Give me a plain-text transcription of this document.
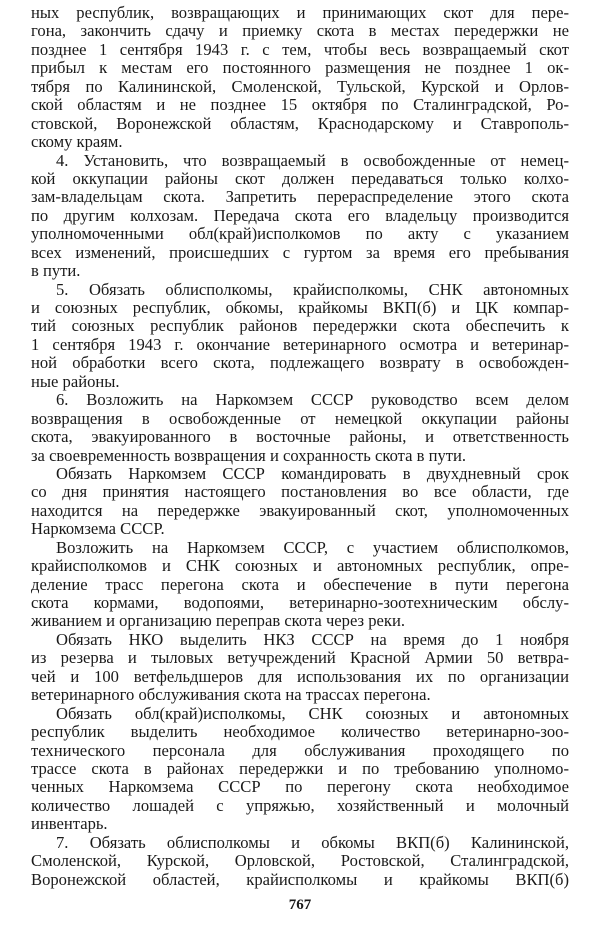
ных республик, возвращающих и принимающих скот для пере-
гона, закончить сдачу и приемку скота в местах передержки не
позднее 1 сентября 1943 г. с тем, чтобы весь возвращаемый скот
прибыл к местам его постоянного размещения не позднее 1 ок-
тября по Калининской, Смоленской, Тульской, Курской и Орлов-
ской областям и не позднее 15 октября по Сталинградской, Ро-
стовской, Воронежской областям, Краснодарскому и Ставрополь-
скому краям.
4. Установить, что возвращаемый в освобожденные от немец-
кой оккупации районы скот должен передаваться только колхо-
зам-владельцам скота. Запретить перераспределение этого скота
по другим колхозам. Передача скота его владельцу производится
уполномоченными обл(край)исполкомов по акту с указанием
всех изменений, происшедших с гуртом за время его пребывания
в пути.
5. Обязать облисполкомы, крайисполкомы, СНК автономных
и союзных республик, обкомы, крайкомы ВКП(б) и ЦК компар-
тий союзных республик районов передержки скота обеспечить к
1 сентября 1943 г. окончание ветеринарного осмотра и ветеринар-
ной обработки всего скота, подлежащего возврату в освобожден-
ные районы.
6. Возложить на Наркомзем СССР руководство всем делом
возвращения в освобожденные от немецкой оккупации районы
скота, эвакуированного в восточные районы, и ответственность
за своевременность возвращения и сохранность скота в пути.
Обязать Наркомзем СССР командировать в двухдневный срок
со дня принятия настоящего постановления во все области, где
находится на передержке эвакуированный скот, уполномоченных
Наркомзема СССР.
Возложить на Наркомзем СССР, с участием облисполкомов,
крайисполкомов и СНК союзных и автономных республик, опре-
деление трасс перегона скота и обеспечение в пути перегона
скота кормами, водопоями, ветеринарно-зоотехническим обслу-
живанием и организацию переправ скота через реки.
Обязать НКО выделить НКЗ СССР на время до 1 ноября
из резерва и тыловых ветучреждений Красной Армии 50 ветвра-
чей и 100 ветфельдшеров для использования их по организации
ветеринарного обслуживания скота на трассах перегона.
Обязать обл(край)исполкомы, СНК союзных и автономных
республик выделить необходимое количество ветеринарно-зоо-
технического персонала для обслуживания проходящего по
трассе скота в районах передержки и по требованию уполномо-
ченных Наркомзема СССР по перегону скота необходимое
количество лошадей с упряжью, хозяйственный и молочный
инвентарь.
7. Обязать облисполкомы и обкомы ВКП(б) Калининской,
Смоленской, Курской, Орловской, Ростовской, Сталинградской,
Воронежской областей, крайисполкомы и крайкомы ВКП(б)
767
